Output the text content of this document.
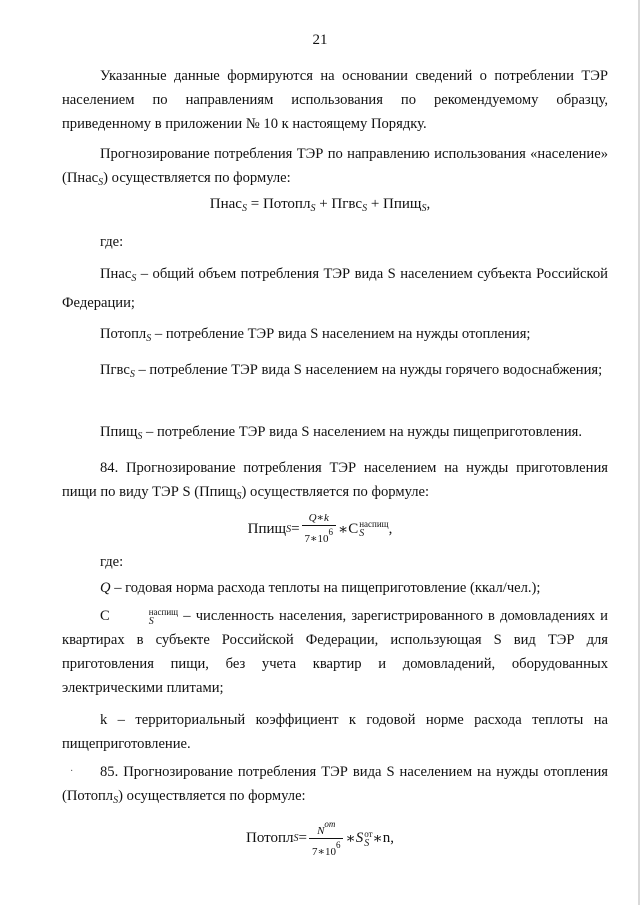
21

Указанные данные формируются на основании сведений о потреблении ТЭР населением по направлениям использования по рекомендуемому образцу, приведенному в приложении № 10 к настоящему Порядку.

Прогнозирование потребления ТЭР по направлению использования «население» (Пнас$_S$) осуществляется по формуле:

Пнас$_S$ = Потопл$_S$ + Пгвс$_S$ + Ппищ$_S$,

где:

Пнас$_S$ – общий объем потребления ТЭР вида S населением субъекта Российской Федерации;

Потопл$_S$ – потребление ТЭР вида S населением на нужды отопления;

Пгвс$_S$ – потребление ТЭР вида S населением на нужды горячего водоснабжения;

Ппищ$_S$ – потребление ТЭР вида S населением на нужды пищеприготовления.

84. Прогнозирование потребления ТЭР населением на нужды приготовления пищи по виду ТЭР S (Ппищ$_S$) осуществляется по формуле:

ПпищS= $\frac{Q∗k}{7∗10^6}$ ∗C наспищ
S	,

где:

Q – годовая норма расхода теплоты на пищеприготовление (ккал/чел.);

C	наспищ
S	– численность населения, зарегистрированного в домовладениях и квартирах в субъекте Российской Федерации, использующая S вид ТЭР для приготовления пищи, без учета квартир и домовладений, оборудованных электрическими плитами;

k – территориальный коэффициент к годовой норме расхода теплоты на пищеприготовление.

·	85. Прогнозирование потребления ТЭР вида S населением на нужды отопления (Потопл$_S$) осуществляется по формуле:

ПотоплS= $\frac{N^{от}}{7∗10^6}$ ∗S от
S ∗n,
